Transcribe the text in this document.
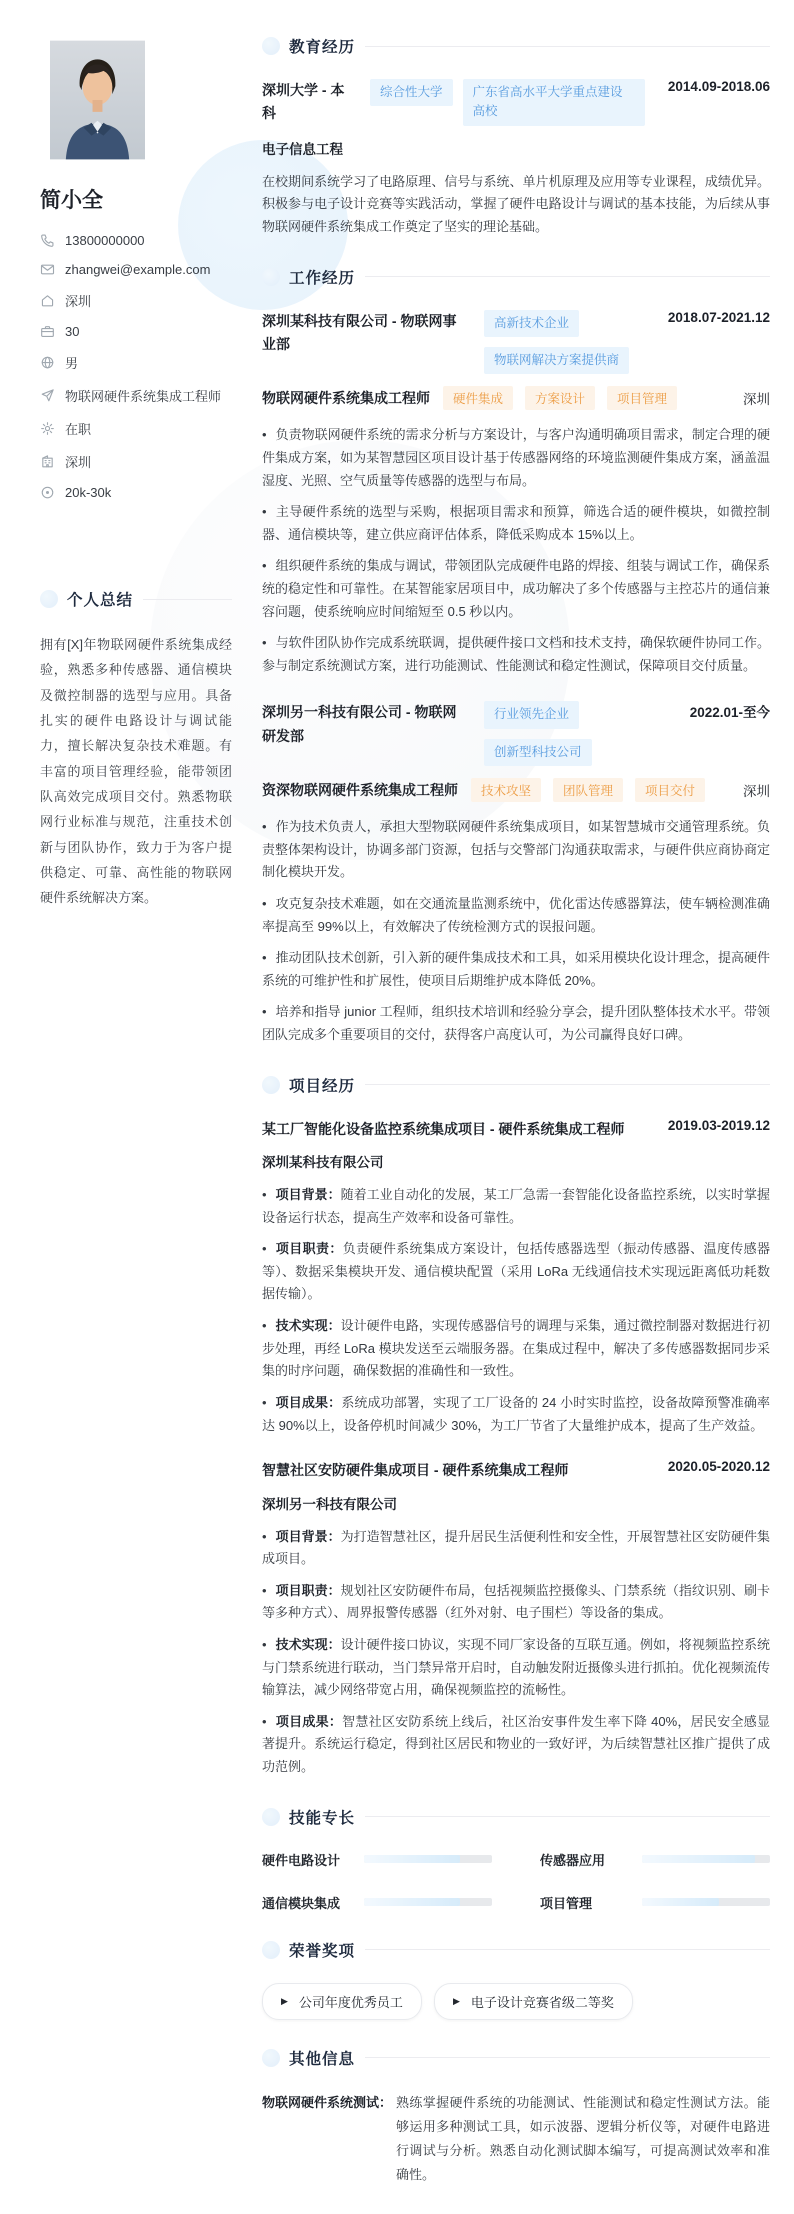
简小全
13800000000
zhangwei@example.com
深圳
30
男
物联网硬件系统集成工程师
在职
深圳
20k-30k
个人总结

拥有[X]年物联网硬件系统集成经验，熟悉多种传感器、通信模块及微控制器的选型与应用。具备扎实的硬件电路设计与调试能力，擅长解决复杂技术难题。有丰富的项目管理经验，能带领团队高效完成项目交付。熟悉物联网行业标准与规范，注重技术创新与团队协作，致力于为客户提供稳定、可靠、高性能的物联网硬件系统解决方案。

教育经历
深圳大学 - 本科
综合性大学	广东省高水平大学重点建设高校
2014.09-2018.06
电子信息工程

在校期间系统学习了电路原理、信号与系统、单片机原理及应用等专业课程，成绩优异。积极参与电子设计竞赛等实践活动，掌握了硬件电路设计与调试的基本技能，为后续从事物联网硬件系统集成工作奠定了坚实的理论基础。

工作经历
深圳某科技有限公司 - 物联网事业部
高新技术企业
物联网解决方案提供商
2018.07-2021.12
物联网硬件系统集成工程师	硬件集成	方案设计	项目管理	深圳

• 负责物联网硬件系统的需求分析与方案设计，与客户沟通明确项目需求，制定合理的硬件集成方案，如为某智慧园区项目设计基于传感器网络的环境监测硬件集成方案，涵盖温湿度、光照、空气质量等传感器的选型与布局。

• 主导硬件系统的选型与采购，根据项目需求和预算，筛选合适的硬件模块，如微控制器、通信模块等，建立供应商评估体系，降低采购成本 15%以上。

• 组织硬件系统的集成与调试，带领团队完成硬件电路的焊接、组装与调试工作，确保系统的稳定性和可靠性。在某智能家居项目中，成功解决了多个传感器与主控芯片的通信兼容问题，使系统响应时间缩短至 0.5 秒以内。

• 与软件团队协作完成系统联调，提供硬件接口文档和技术支持，确保软硬件协同工作。参与制定系统测试方案，进行功能测试、性能测试和稳定性测试，保障项目交付质量。

深圳另一科技有限公司 - 物联网研发部
行业领先企业
创新型科技公司
2022.01-至今
资深物联网硬件系统集成工程师	技术攻坚	团队管理	项目交付	深圳

• 作为技术负责人，承担大型物联网硬件系统集成项目，如某智慧城市交通管理系统。负责整体架构设计，协调多部门资源，包括与交警部门沟通获取需求，与硬件供应商协商定制化模块开发。

• 攻克复杂技术难题，如在交通流量监测系统中，优化雷达传感器算法，使车辆检测准确率提高至 99%以上，有效解决了传统检测方式的误报问题。

• 推动团队技术创新，引入新的硬件集成技术和工具，如采用模块化设计理念，提高硬件系统的可维护性和扩展性，使项目后期维护成本降低 20%。

• 培养和指导 junior 工程师，组织技术培训和经验分享会，提升团队整体技术水平。带领团队完成多个重要项目的交付，获得客户高度认可，为公司赢得良好口碑。

项目经历
某工厂智能化设备监控系统集成项目 - 硬件系统集成工程师	2019.03-2019.12
深圳某科技有限公司

• 项目背景：随着工业自动化的发展，某工厂急需一套智能化设备监控系统，以实时掌握设备运行状态，提高生产效率和设备可靠性。

• 项目职责：负责硬件系统集成方案设计，包括传感器选型（振动传感器、温度传感器等）、数据采集模块开发、通信模块配置（采用 LoRa 无线通信技术实现远距离低功耗数据传输）。

• 技术实现：设计硬件电路，实现传感器信号的调理与采集，通过微控制器对数据进行初步处理，再经 LoRa 模块发送至云端服务器。在集成过程中，解决了多传感器数据同步采集的时序问题，确保数据的准确性和一致性。

• 项目成果：系统成功部署，实现了工厂设备的 24 小时实时监控，设备故障预警准确率达 90%以上，设备停机时间减少 30%，为工厂节省了大量维护成本，提高了生产效益。

智慧社区安防硬件集成项目 - 硬件系统集成工程师	2020.05-2020.12
深圳另一科技有限公司

• 项目背景：为打造智慧社区，提升居民生活便利性和安全性，开展智慧社区安防硬件集成项目。

• 项目职责：规划社区安防硬件布局，包括视频监控摄像头、门禁系统（指纹识别、刷卡等多种方式）、周界报警传感器（红外对射、电子围栏）等设备的集成。

• 技术实现：设计硬件接口协议，实现不同厂家设备的互联互通。例如，将视频监控系统与门禁系统进行联动，当门禁异常开启时，自动触发附近摄像头进行抓拍。优化视频流传输算法，减少网络带宽占用，确保视频监控的流畅性。

• 项目成果：智慧社区安防系统上线后，社区治安事件发生率下降 40%，居民安全感显著提升。系统运行稳定，得到社区居民和物业的一致好评，为后续智慧社区推广提供了成功范例。

技能专长
硬件电路设计	传感器应用
通信模块集成	项目管理
荣誉奖项
▶ 公司年度优秀员工	▶ 电子设计竞赛省级二等奖
其他信息
物联网硬件系统测试： 熟练掌握硬件系统的功能测试、性能测试和稳定性测试方法。能够运用多种测试工具，如示波器、逻辑分析仪等，对硬件电路进行调试与分析。熟悉自动化测试脚本编写，可提高测试效率和准确性。
